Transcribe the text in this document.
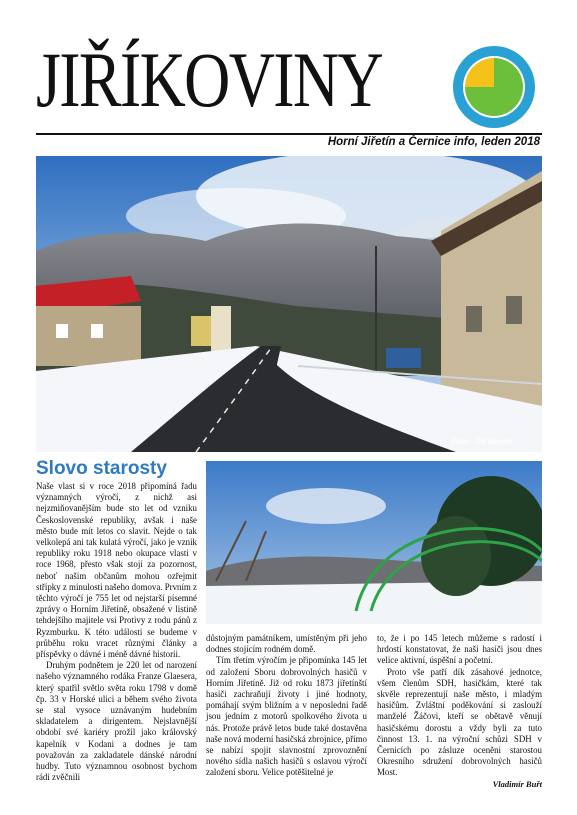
JIŘÍKOVINY
Horní Jiřetín a Černice info, leden 2018
Foto: Jiří Beneš
Slovo starosty

Naše vlast si v roce 2018 připomíná řadu významných výročí, z nichž asi nejzmiňovanějším bude sto let od vzniku Československé republiky, avšak i naše město bude mít letos co slavit. Nejde o tak velkolepá ani tak kulatá výročí, jako je vznik republiky roku 1918 nebo okupace vlasti v roce 1968, přesto však stojí za pozornost, neboť našim občanům mohou ozřejmit střípky z minulosti našeho domova. Prvním z těchto výročí je 755 let od nejstarší písemné zprávy o Horním Jiřetíně, obsažené v listině tehdejšího majitele vsi Protivy z rodu pánů z Ryzmburku. K této události se budeme v průběhu roku vracet různými články a příspěvky o dávné i méně dávné historii.

Druhým podnětem je 220 let od narození našeho významného rodáka Franze Glaesera, který spatřil světlo světa roku 1798 v domě čp. 33 v Horské ulici a během svého života se stal vysoce uznávaným hudebním skladatelem a dirigentem. Nejslavnější období své kariéry prožil jako královský kapelník v Kodani a dodnes je tam považován za zakladatele dánské národní hudby. Tuto významnou osobnost bychom rádi zvěčnili

důstojným památníkem, umístěným při jeho dodnes stojícím rodném domě.

Tím třetím výročím je připomínka 145 let od založení Sboru dobrovolných hasičů v Horním Jiřetíně. Již od roku 1873 jiřetínští hasiči zachraňují životy i jiné hodnoty, pomáhají svým bližním a v neposlední řadě jsou jedním z motorů spolkového života u nás. Protože právě letos bude také dostavěna naše nová moderní hasičská zbrojnice, přímo se nabízí spojit slavnostní zprovoznění nového sídla našich hasičů s oslavou výročí založení sboru. Velice potěšitelné je

to, že i po 145 letech můžeme s radostí i hrdostí konstatovat, že naši hasiči jsou dnes velice aktivní, úspěšní a početní.

Proto vše patří dík zásahové jednotce, všem členům SDH, hasičkám, které tak skvěle reprezentují naše město, i mladým hasičům. Zvláštní poděkování si zaslouží manželé Žáčovi, kteří se obětavě věnují hasičskému dorostu a vždy byli za tuto činnost 13. 1. na výroční schůzi SDH v Černicích po zásluze oceněni starostou Okresního sdružení dobrovolných hasičů Most.

Vladimír Buřt
